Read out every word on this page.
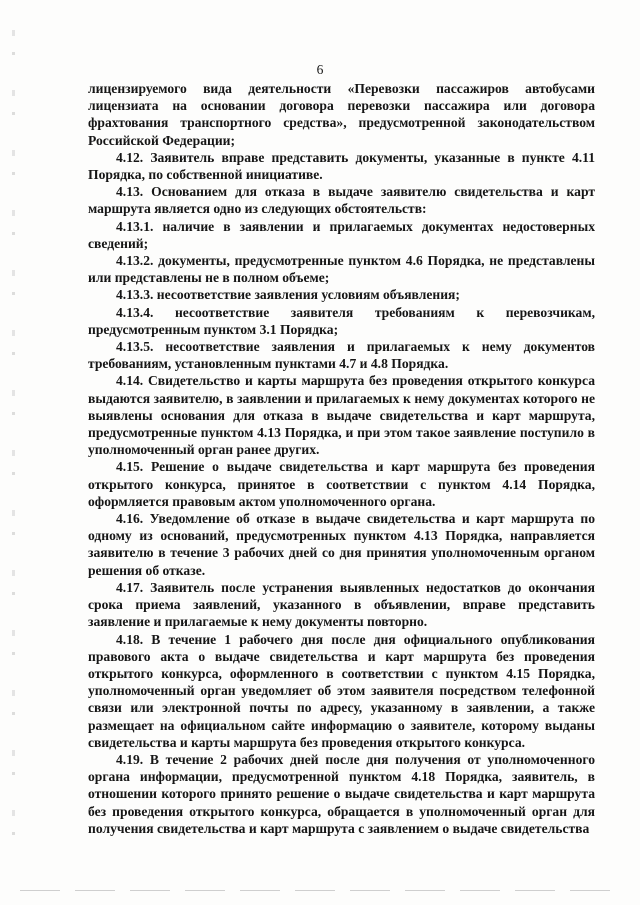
6

лицензируемого вида деятельности «Перевозки пассажиров автобусами лицензиата на основании договора перевозки пассажира или договора фрахтования транспортного средства», предусмотренной законодательством Российской Федерации;

4.12. Заявитель вправе представить документы, указанные в пункте 4.11 Порядка, по собственной инициативе.

4.13. Основанием для отказа в выдаче заявителю свидетельства и карт маршрута является одно из следующих обстоятельств:

4.13.1. наличие в заявлении и прилагаемых документах недостоверных сведений;

4.13.2. документы, предусмотренные пунктом 4.6 Порядка, не представлены или представлены не в полном объеме;

4.13.3. несоответствие заявления условиям объявления;

4.13.4. несоответствие заявителя требованиям к перевозчикам, предусмотренным пунктом 3.1 Порядка;

4.13.5. несоответствие заявления и прилагаемых к нему документов требованиям, установленным пунктами 4.7 и 4.8 Порядка.

4.14. Свидетельство и карты маршрута без проведения открытого конкурса выдаются заявителю, в заявлении и прилагаемых к нему документах которого не выявлены основания для отказа в выдаче свидетельства и карт маршрута, предусмотренные пунктом 4.13 Порядка, и при этом такое заявление поступило в уполномоченный орган ранее других.

4.15. Решение о выдаче свидетельства и карт маршрута без проведения открытого конкурса, принятое в соответствии с пунктом 4.14 Порядка, оформляется правовым актом уполномоченного органа.

4.16. Уведомление об отказе в выдаче свидетельства и карт маршрута по одному из оснований, предусмотренных пунктом 4.13 Порядка, направляется заявителю в течение 3 рабочих дней со дня принятия уполномоченным органом решения об отказе.

4.17. Заявитель после устранения выявленных недостатков до окончания срока приема заявлений, указанного в объявлении, вправе представить заявление и прилагаемые к нему документы повторно.

4.18. В течение 1 рабочего дня после дня официального опубликования правового акта о выдаче свидетельства и карт маршрута без проведения открытого конкурса, оформленного в соответствии с пунктом 4.15 Порядка, уполномоченный орган уведомляет об этом заявителя посредством телефонной связи или электронной почты по адресу, указанному в заявлении, а также размещает на официальном сайте информацию о заявителе, которому выданы свидетельства и карты маршрута без проведения открытого конкурса.

4.19. В течение 2 рабочих дней после дня получения от уполномоченного органа информации, предусмотренной пунктом 4.18 Порядка, заявитель, в отношении которого принято решение о выдаче свидетельства и карт маршрута без проведения открытого конкурса, обращается в уполномоченный орган для получения свидетельства и карт маршрута с заявлением о выдаче свидетельства
